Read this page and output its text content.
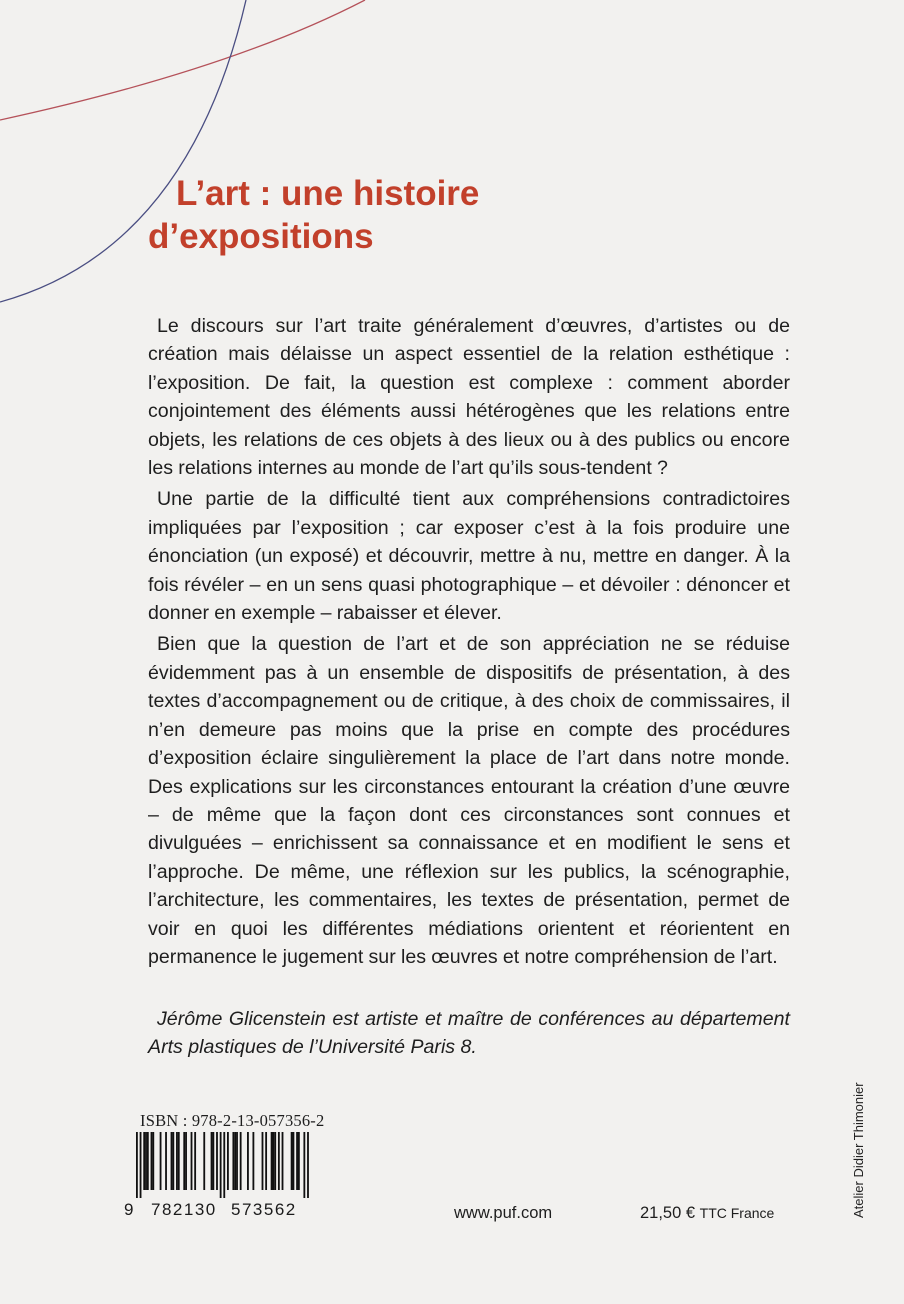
L’art : une histoire
d’expositions

Le discours sur l’art traite généralement d’œuvres, d’artistes ou de création mais délaisse un aspect essentiel de la relation esthétique : l’exposition. De fait, la question est complexe : comment aborder conjointement des éléments aussi hétérogènes que les relations entre objets, les relations de ces objets à des lieux ou à des publics ou encore les relations internes au monde de l’art qu’ils sous-tendent ?

Une partie de la difficulté tient aux compréhensions contradictoires impliquées par l’exposition ; car exposer c’est à la fois produire une énonciation (un exposé) et découvrir, mettre à nu, mettre en danger. À la fois révéler – en un sens quasi photographique – et dévoiler : dénoncer et donner en exemple – rabaisser et élever.

Bien que la question de l’art et de son appréciation ne se réduise évidemment pas à un ensemble de dispositifs de présentation, à des textes d’accompagnement ou de critique, à des choix de commissaires, il n’en demeure pas moins que la prise en compte des procédures d’exposition éclaire singulièrement la place de l’art dans notre monde. Des explications sur les circonstances entourant la création d’une œuvre – de même que la façon dont ces circonstances sont connues et divulguées – enrichissent sa connaissance et en modifient le sens et l’approche. De même, une réflexion sur les publics, la scénographie, l’architecture, les commentaires, les textes de présentation, permet de voir en quoi les différentes médiations orientent et réorientent en permanence le jugement sur les œuvres et notre compréhension de l’art.

Jérôme Glicenstein est artiste et maître de conférences au département Arts plastiques de l’Université Paris 8.
ISBN : 978-2-13-057356-2
9 782130 573562	www.puf.com	21,50 € TTC France	Atelier Didier Thimonier
